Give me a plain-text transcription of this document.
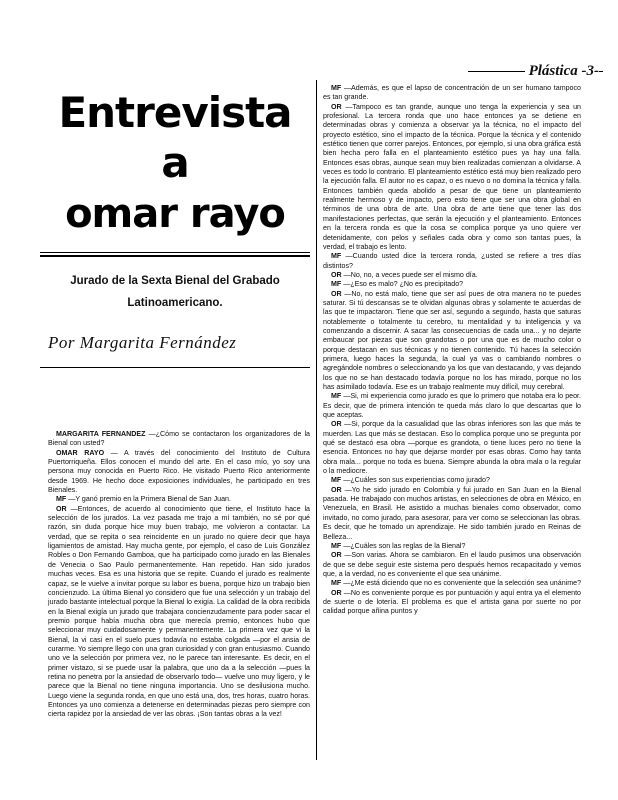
Plástica -3-
Entrevista
a
omar rayo
Jurado de la Sexta Bienal del Grabado
Latinoamericano.
Por Margarita Fernández

MARGARITA FERNANDEZ —¿Cómo se contactaron los organizadores de la Bienal con usted?

OMAR RAYO — A través del conocimiento del Instituto de Cultura Puertorriqueña. Ellos conocen el mundo del arte. En el caso mío, yo soy una persona muy conocida en Puerto Rico. He visitado Puerto Rico anteriormente desde 1969. He hecho doce exposiciones individuales, he participado en tres Bienales.

MF —Y ganó premio en la Primera Bienal de San Juan.

OR —Entonces, de acuerdo al conocimiento que tiene, el Instituto hace la selección de los jurados. La vez pasada me trajo a mí también, no sé por qué razón, sin duda porque hice muy buen trabajo, me volvieron a contactar. La verdad, que se repita o sea reincidente en un jurado no quiere decir que haya ligamientos de amistad. Hay mucha gente, por ejemplo, el caso de Luis González Robles o Don Fernando Gamboa, que ha participado como jurado en las Bienales de Venecia o Sao Paulo permanentemente. Han repetido. Han sido jurados muchas veces. Esa es una historia que se repite. Cuando el jurado es realmente capaz, se le vuelve a invitar porque su labor es buena, porque hizo un trabajo bien concienzudo. La última Bienal yo considero que fue una selección y un trabajo del jurado bastante intelectual porque la Bienal lo exigía. La calidad de la obra recibida en la Bienal exigía un jurado que trabajara concienzudamente para poder sacar el premio porque había mucha obra que merecía premio, entonces hubo que seleccionar muy cuidadosamente y permanentemente. La primera vez que vi la Bienal, la vi casi en el suelo pues todavía no estaba colgada —por el ansia de curarme. Yo siempre llego con una gran curiosidad y con gran entusiasmo. Cuando uno ve la selección por primera vez, no le parece tan interesante. Es decir, en el primer vistazo, si se puede usar la palabra, que uno da a la selección —pues la retina no penetra por la ansiedad de observarlo todo— vuelve uno muy ligero, y le parece que la Bienal no tiene ninguna importancia. Uno se desilusiona mucho. Luego viene la segunda ronda, en que uno está una, dos, tres horas, cuatro horas. Entonces ya uno comienza a detenerse en determinadas piezas pero siempre con cierta rapidez por la ansiedad de ver las obras. ¡Son tantas obras a la vez!

MF —Además, es que el lapso de concentración de un ser humano tampoco es tan grande.

OR —Tampoco es tan grande, aunque uno tenga la experiencia y sea un profesional. La tercera ronda que uno hace entonces ya se detiene en determinadas obras y comienza a observar ya la técnica, no el impacto del proyecto estético, sino el impacto de la técnica. Porque la técnica y el contenido estético tienen que correr parejos. Entonces, por ejemplo, si una obra gráfica está bien hecha pero falla en el planteamiento estético pues ya hay una falla. Entonces esas obras, aunque sean muy bien realizadas comienzan a olvidarse. A veces es todo lo contrario. El planteamiento estético está muy bien realizado pero la ejecución falla. El autor no es capaz, o es nuevo o no domina la técnica y falla. Entonces también queda abolido a pesar de que tiene un planteamiento realmente hermoso y de impacto, pero esto tiene que ser una obra global en términos de una obra de arte. Una obra de arte tiene que tener las dos manifestaciones perfectas, que serán la ejecución y el planteamiento. Entonces en la tercera ronda es que la cosa se complica porque ya uno quiere ver detenidamente, con pelos y señales cada obra y como son tantas pues, la verdad, el trabajo es lento.

MF —Cuando usted dice la tercera ronda, ¿usted se refiere a tres días distintos?

OR —No, no, a veces puede ser el mismo día.

MF —¿Eso es malo? ¿No es precipitado?

OR —No, no está malo, tiene que ser así pues de otra manera no te puedes saturar. Si tú descansas se te olvidan algunas obras y solamente te acuerdas de las que te impactaron. Tiene que ser así, segundo a segundo, hasta que saturas notablemente o totalmente tu cerebro, tu mentalidad y tu inteligencia y va comenzando a discernir. A sacar las consecuencias de cada una... y no dejarte embaucar por piezas que son grandotas o por una que es de mucho color o porque destacan en sus técnicas y no tienen contenido. Tú haces la selección primera, luego haces la segunda, la cual ya vas o cambiando nombres o agregándole nombres o seleccionando ya los que van destacando, y vas dejando los que no se han destacado todavía porque no los has mirado, porque no los has asimilado todavía. Ese es un trabajo realmente muy difícil, muy cerebral.

MF —Si, mi experiencia como jurado es que lo primero que notaba era lo peor. Es decir, que de primera intención te queda más claro lo que descartas que lo que aceptas.

OR —Si, porque da la casualidad que las obras inferiores son las que más te muerden. Las que más se destacan. Eso lo complica porque uno se pregunta por qué se destacó esa obra —porque es grandota, o tiene luces pero no tiene la esencia. Entonces no hay que dejarse morder por esas obras. Como hay tanta obra mala... porque no toda es buena. Siempre abunda la obra mala o la regular o la mediocre.

MF —¿Cuáles son sus experiencias como jurado?

OR —Yo he sido jurado en Colombia y fui jurado en San Juan en la Bienal pasada. He trabajado con muchos artistas, en selecciones de obra en México, en Venezuela, en Brasil. He asistido a muchas bienales como observador, como invitado, no como jurado, para asesorar, para ver como se seleccionan las obras. Es decir, que he tomado un aprendizaje. He sido también jurado en Reinas de Belleza...

MF —¿Cuáles son las reglas de la Bienal?

OR —Son varias. Ahora se cambiaron. En el laudo pusimos una observación de que se debe seguir este sistema pero después hemos recapacitado y vemos que, a la verdad, no es conveniente el que sea unánime.

MF —¿Me está diciendo que no es conveniente que la selección sea unánime?

OR —No es conveniente porque es por puntuación y aquí entra ya el elemento de suerte o de lotería. El problema es que el artista gana por suerte no por calidad porque añina puntos y
